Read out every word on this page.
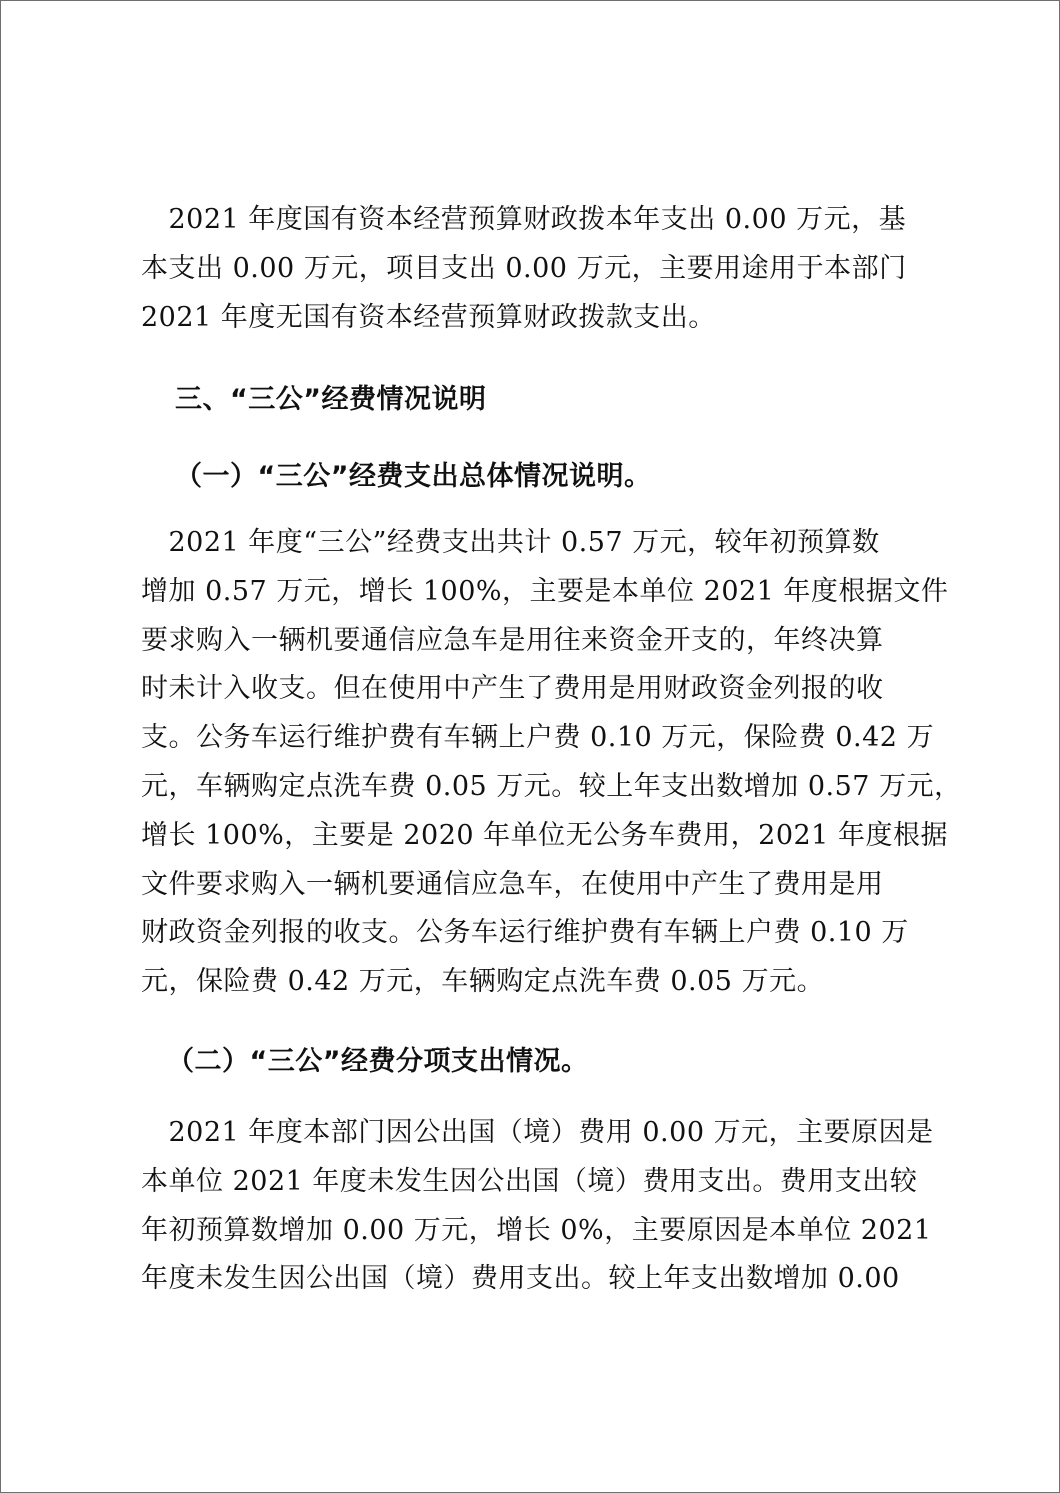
　2021 年度国有资本经营预算财政拨本年支出 0.00 万元，基
本支出 0.00 万元，项目支出 0.00 万元，主要用途用于本部门
2021 年度无国有资本经营预算财政拨款支出。
三、“三公”经费情况说明
（一）“三公”经费支出总体情况说明。
　2021 年度“三公”经费支出共计 0.57 万元，较年初预算数
增加 0.57 万元，增长 100%，主要是本单位 2021 年度根据文件
要求购入一辆机要通信应急车是用往来资金开支的，年终决算
时未计入收支。但在使用中产生了费用是用财政资金列报的收
支。公务车运行维护费有车辆上户费 0.10 万元，保险费 0.42 万
元，车辆购定点洗车费 0.05 万元。较上年支出数增加 0.57 万元，
增长 100%，主要是 2020 年单位无公务车费用，2021 年度根据
文件要求购入一辆机要通信应急车，在使用中产生了费用是用
财政资金列报的收支。公务车运行维护费有车辆上户费 0.10 万
元，保险费 0.42 万元，车辆购定点洗车费 0.05 万元。
（二）“三公”经费分项支出情况。
　2021 年度本部门因公出国（境）费用 0.00 万元，主要原因是
本单位 2021 年度未发生因公出国（境）费用支出。费用支出较
年初预算数增加 0.00 万元，增长 0%，主要原因是本单位 2021
年度未发生因公出国（境）费用支出。较上年支出数增加 0.00
